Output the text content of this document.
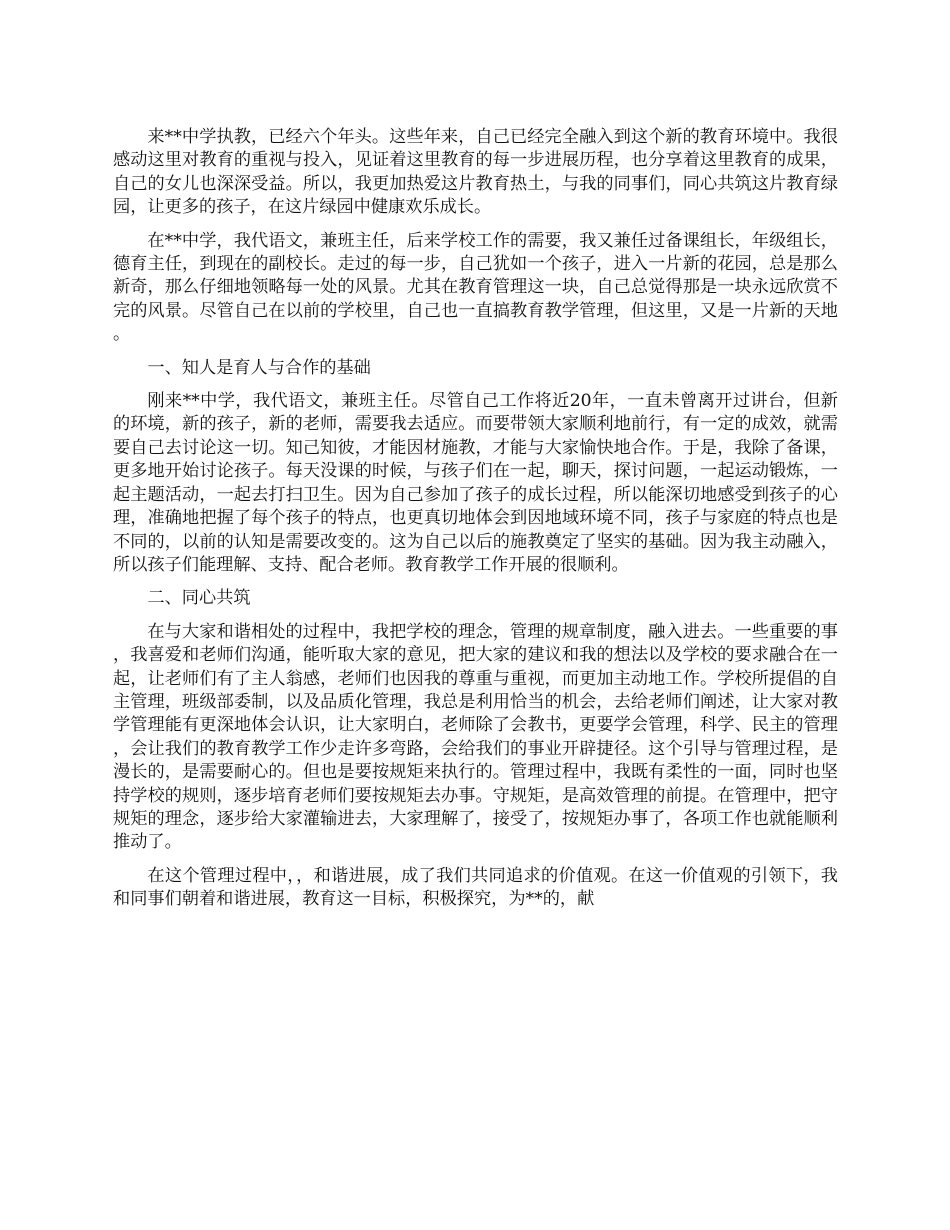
来**中学执教，已经六个年头。这些年来，自己已经完全融入到这个新的教育环境中。我很感动这里对教育的重视与投入，见证着这里教育的每一步进展历程，也分享着这里教育的成果，自己的女儿也深深受益。所以，我更加热爱这片教育热土，与我的同事们，同心共筑这片教育绿园，让更多的孩子，在这片绿园中健康欢乐成长。

在**中学，我代语文，兼班主任，后来学校工作的需要，我又兼任过备课组长，年级组长，德育主任，到现在的副校长。走过的每一步，自己犹如一个孩子，进入一片新的花园，总是那么新奇，那么仔细地领略每一处的风景。尤其在教育管理这一块，自己总觉得那是一块永远欣赏不完的风景。尽管自己在以前的学校里，自己也一直搞教育教学管理，但这里，又是一片新的天地。

一、知人是育人与合作的基础

刚来**中学，我代语文，兼班主任。尽管自己工作将近20年，一直未曾离开过讲台，但新的环境，新的孩子，新的老师，需要我去适应。而要带领大家顺利地前行，有一定的成效，就需要自己去讨论这一切。知己知彼，才能因材施教，才能与大家愉快地合作。于是，我除了备课，更多地开始讨论孩子。每天没课的时候，与孩子们在一起，聊天，探讨问题，一起运动锻炼，一起主题活动，一起去打扫卫生。因为自己参加了孩子的成长过程，所以能深切地感受到孩子的心理，准确地把握了每个孩子的特点，也更真切地体会到因地域环境不同，孩子与家庭的特点也是不同的，以前的认知是需要改变的。这为自己以后的施教奠定了坚实的基础。因为我主动融入，所以孩子们能理解、支持、配合老师。教育教学工作开展的很顺利。

二、同心共筑

在与大家和谐相处的过程中，我把学校的理念，管理的规章制度，融入进去。一些重要的事，我喜爱和老师们沟通，能听取大家的意见，把大家的建议和我的想法以及学校的要求融合在一起，让老师们有了主人翁感，老师们也因我的尊重与重视，而更加主动地工作。学校所提倡的自主管理，班级部委制，以及品质化管理，我总是利用恰当的机会，去给老师们阐述，让大家对教学管理能有更深地体会认识，让大家明白，老师除了会教书，更要学会管理，科学、民主的管理，会让我们的教育教学工作少走许多弯路，会给我们的事业开辟捷径。这个引导与管理过程，是漫长的，是需要耐心的。但也是要按规矩来执行的。管理过程中，我既有柔性的一面，同时也坚持学校的规则，逐步培育老师们要按规矩去办事。守规矩，是高效管理的前提。在管理中，把守规矩的理念，逐步给大家灌输进去，大家理解了，接受了，按规矩办事了，各项工作也就能顺利推动了。

在这个管理过程中，，和谐进展，成了我们共同追求的价值观。在这一价值观的引领下，我和同事们朝着和谐进展，教育这一目标，积极探究，为**的，献
